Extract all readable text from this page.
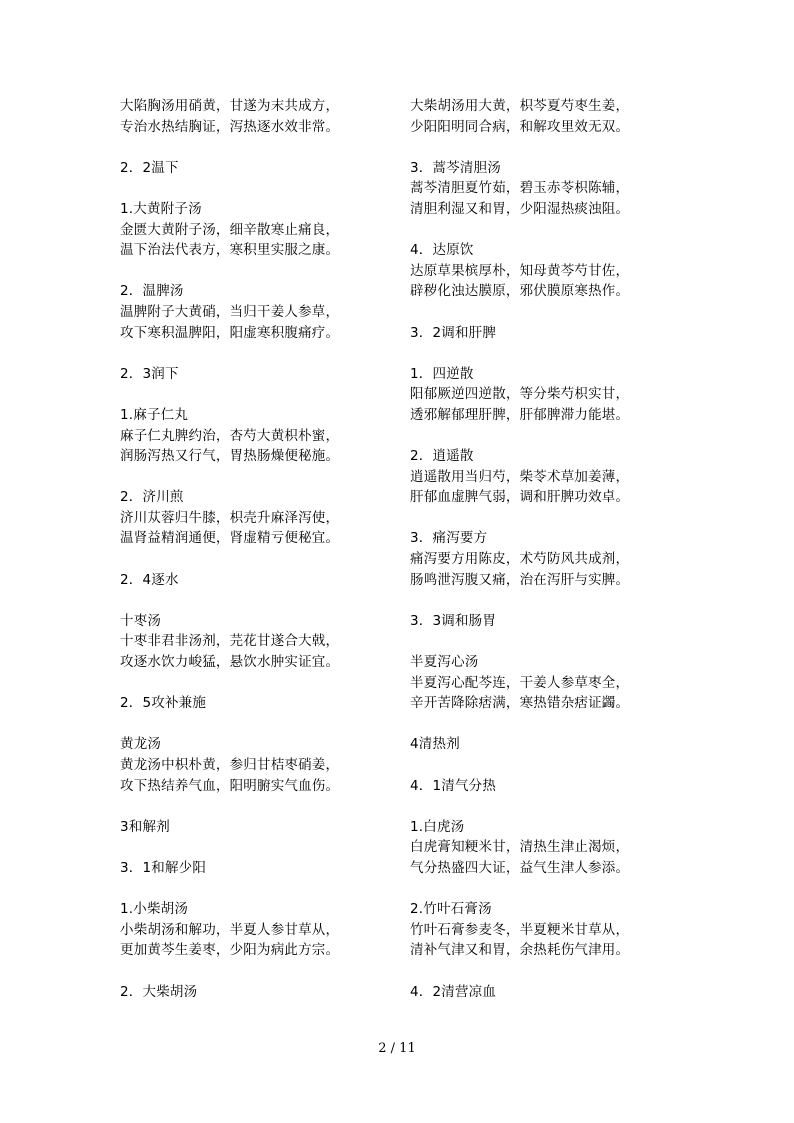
大陷胸汤用硝黄，甘遂为末共成方，
专治水热结胸证，泻热逐水效非常。
2．2温下
1.大黄附子汤
金匮大黄附子汤，细辛散寒止痛良，
温下治法代表方，寒积里实服之康。
2．温脾汤
温脾附子大黄硝，当归干姜人参草，
攻下寒积温脾阳，阳虚寒积腹痛疗。
2．3润下
1.麻子仁丸
麻子仁丸脾约治，杏芍大黄枳朴蜜，
润肠泻热又行气，胃热肠燥便秘施。
2．济川煎
济川苁蓉归牛膝，枳壳升麻泽泻使，
温肾益精润通便，肾虚精亏便秘宜。
2．4逐水
十枣汤
十枣非君非汤剂，芫花甘遂合大戟，
攻逐水饮力峻猛，悬饮水肿实证宜。
2．5攻补兼施
黄龙汤
黄龙汤中枳朴黄，参归甘桔枣硝姜，
攻下热结养气血，阳明腑实气血伤。
3和解剂
3．1和解少阳
1.小柴胡汤
小柴胡汤和解功，半夏人参甘草从，
更加黄芩生姜枣，少阳为病此方宗。
2．大柴胡汤
大柴胡汤用大黄，枳芩夏芍枣生姜，
少阳阳明同合病，和解攻里效无双。
3．蒿芩清胆汤
蒿芩清胆夏竹茹，碧玉赤苓枳陈辅，
清胆利湿又和胃，少阳湿热痰浊阻。
4．达原饮
达原草果槟厚朴，知母黄芩芍甘佐，
辟秽化浊达膜原，邪伏膜原寒热作。
3．2调和肝脾
1．四逆散
阳郁厥逆四逆散，等分柴芍枳实甘，
透邪解郁理肝脾，肝郁脾滞力能堪。
2．逍遥散
逍遥散用当归芍，柴苓术草加姜薄，
肝郁血虚脾气弱，调和肝脾功效卓。
3．痛泻要方
痛泻要方用陈皮，术芍防风共成剂，
肠鸣泄泻腹又痛，治在泻肝与实脾。
3．3调和肠胃
半夏泻心汤
半夏泻心配芩连，干姜人参草枣全，
辛开苦降除痞满，寒热错杂痞证蠲。
4清热剂
4．1清气分热
1.白虎汤
白虎膏知粳米甘，清热生津止渴烦，
气分热盛四大证，益气生津人参添。
2.竹叶石膏汤
竹叶石膏参麦冬，半夏粳米甘草从，
清补气津又和胃，余热耗伤气津用。
4．2清营凉血
2 / 11
